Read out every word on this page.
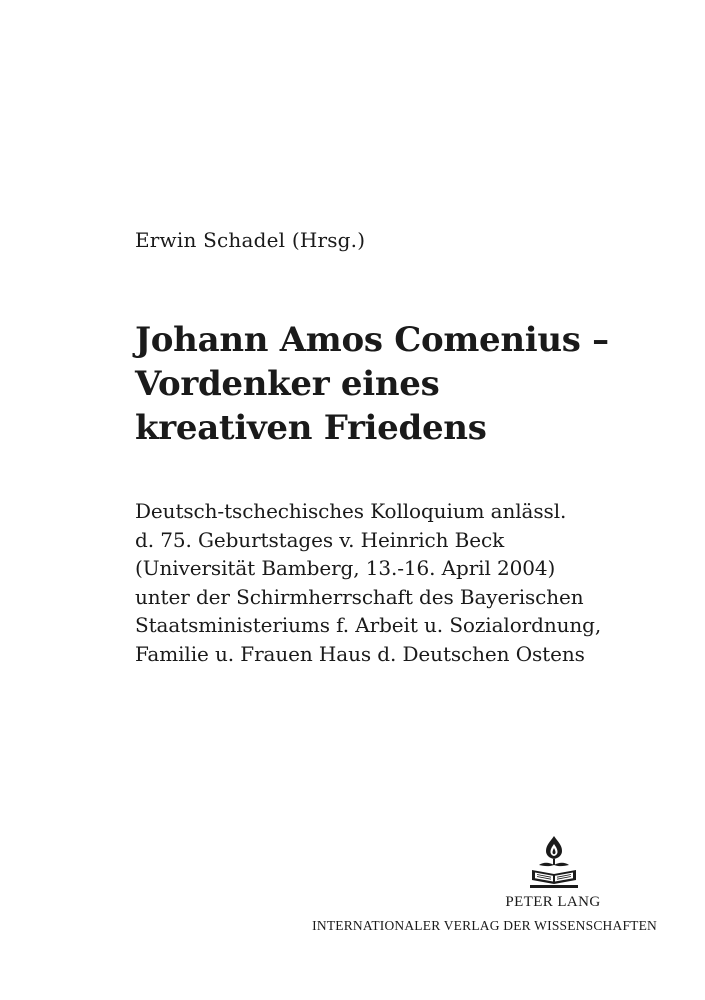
Erwin Schadel (Hrsg.)
Johann Amos Comenius –
Vordenker eines
kreativen Friedens
Deutsch-tschechisches Kolloquium anlässl.
d. 75. Geburtstages v. Heinrich Beck
(Universität Bamberg, 13.-16. April 2004)
unter der Schirmherrschaft des Bayerischen
Staatsministeriums f. Arbeit u. Sozialordnung,
Familie u. Frauen Haus d. Deutschen Ostens
PETER LANG
INTERNATIONALER VERLAG DER WISSENSCHAFTEN
